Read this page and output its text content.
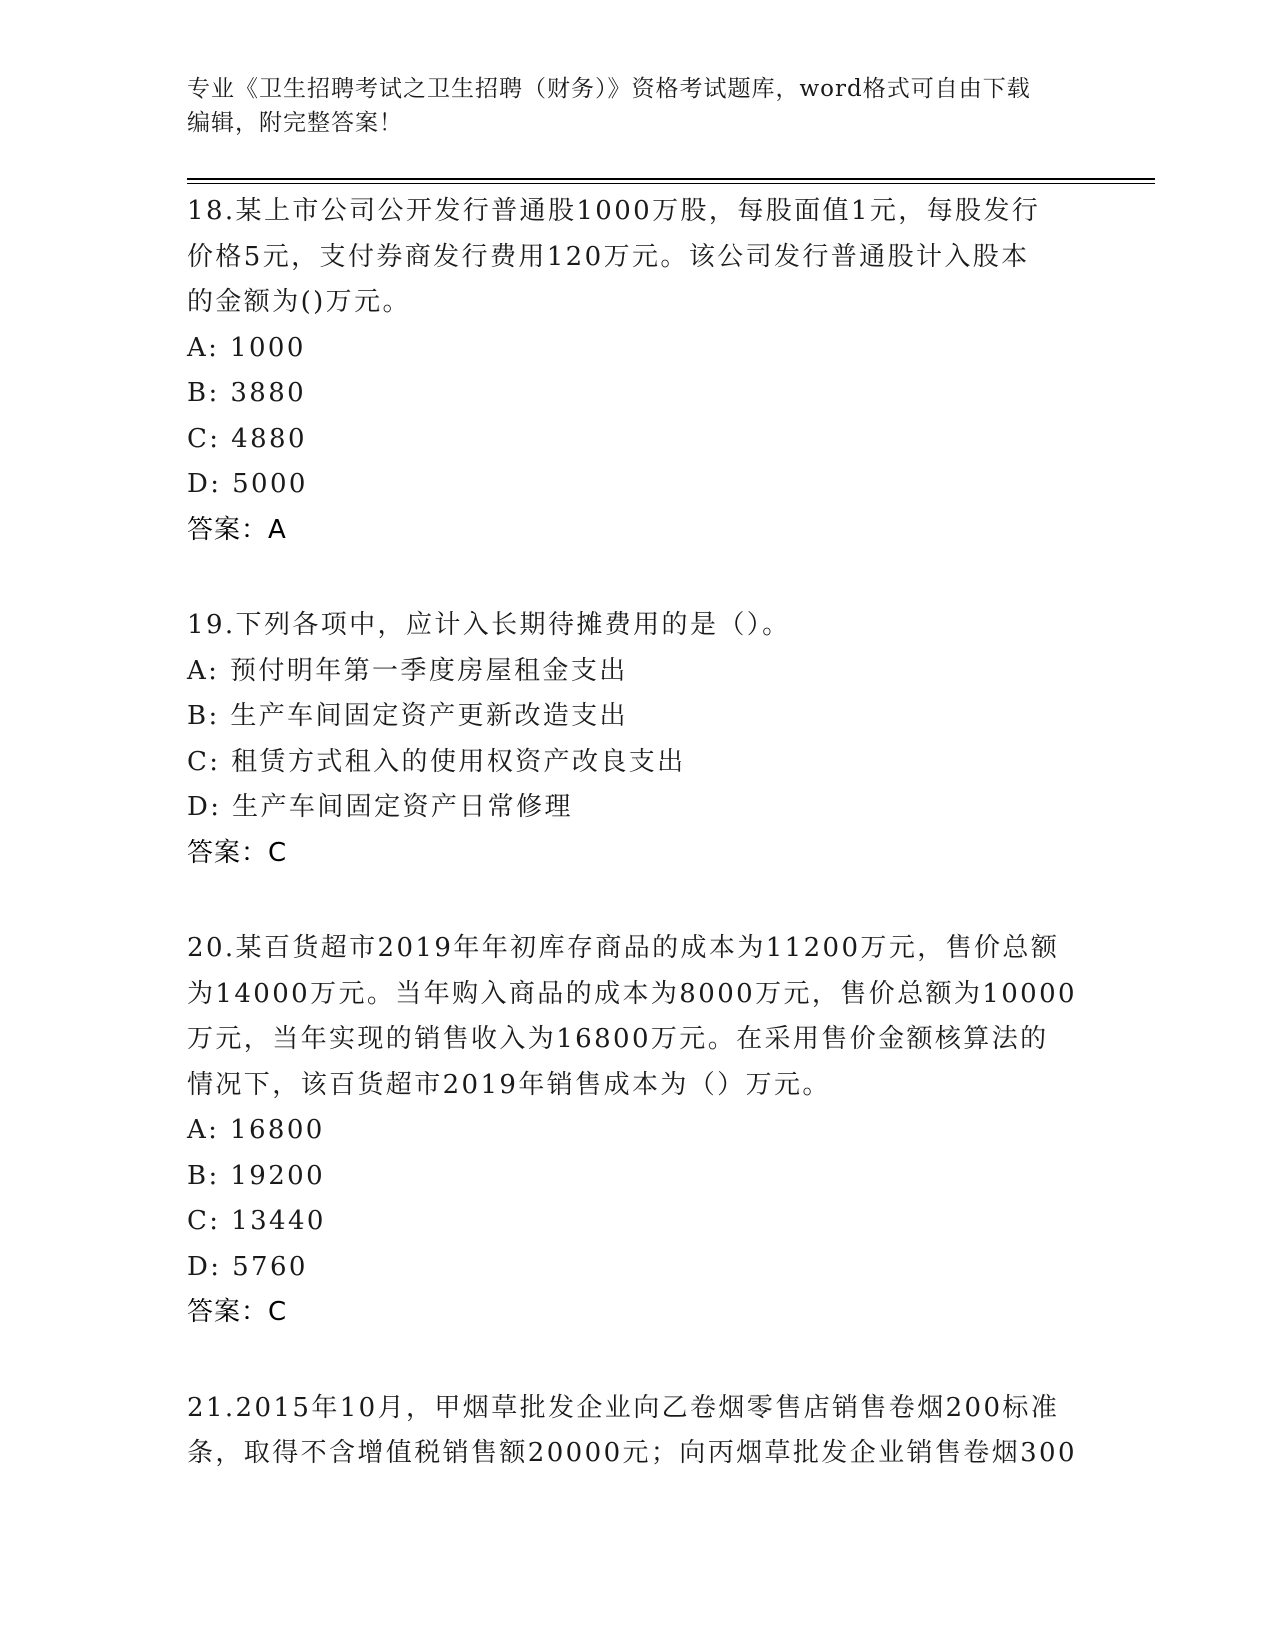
专业《卫生招聘考试之卫生招聘（财务）》资格考试题库，word格式可自由下载
编辑，附完整答案！
18.某上市公司公开发行普通股1000万股，每股面值1元，每股发行
价格5元，支付券商发行费用120万元。该公司发行普通股计入股本
的金额为()万元。
A: 1000
B: 3880
C: 4880
D: 5000
答案：A
19.下列各项中，应计入长期待摊费用的是（）。
A: 预付明年第一季度房屋租金支出
B: 生产车间固定资产更新改造支出
C: 租赁方式租入的使用权资产改良支出
D: 生产车间固定资产日常修理
答案：C
20.某百货超市2019年年初库存商品的成本为11200万元，售价总额
为14000万元。当年购入商品的成本为8000万元，售价总额为10000
万元，当年实现的销售收入为16800万元。在采用售价金额核算法的
情况下，该百货超市2019年销售成本为（）万元。
A: 16800
B: 19200
C: 13440
D: 5760
答案：C
21.2015年10月，甲烟草批发企业向乙卷烟零售店销售卷烟200标准
条，取得不含增值税销售额20000元；向丙烟草批发企业销售卷烟300
